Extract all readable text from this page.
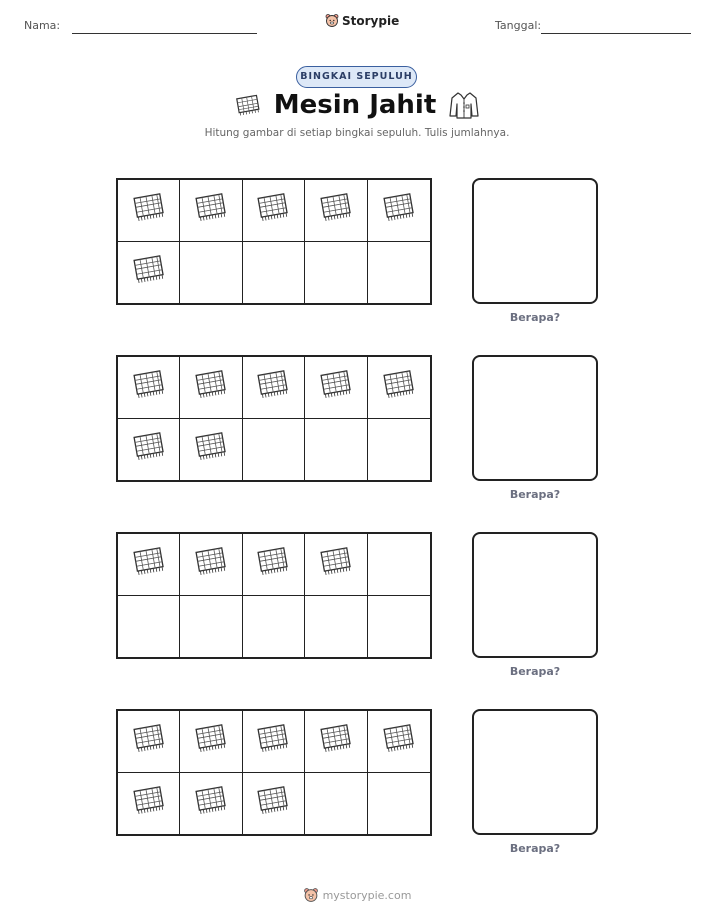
Nama:	Storypie	Tanggal:
BINGKAI SEPULUH
Mesin Jahit
Hitung gambar di setiap bingkai sepuluh. Tulis jumlahnya.
Berapa?
Berapa?
Berapa?
Berapa?
mystorypie.com
